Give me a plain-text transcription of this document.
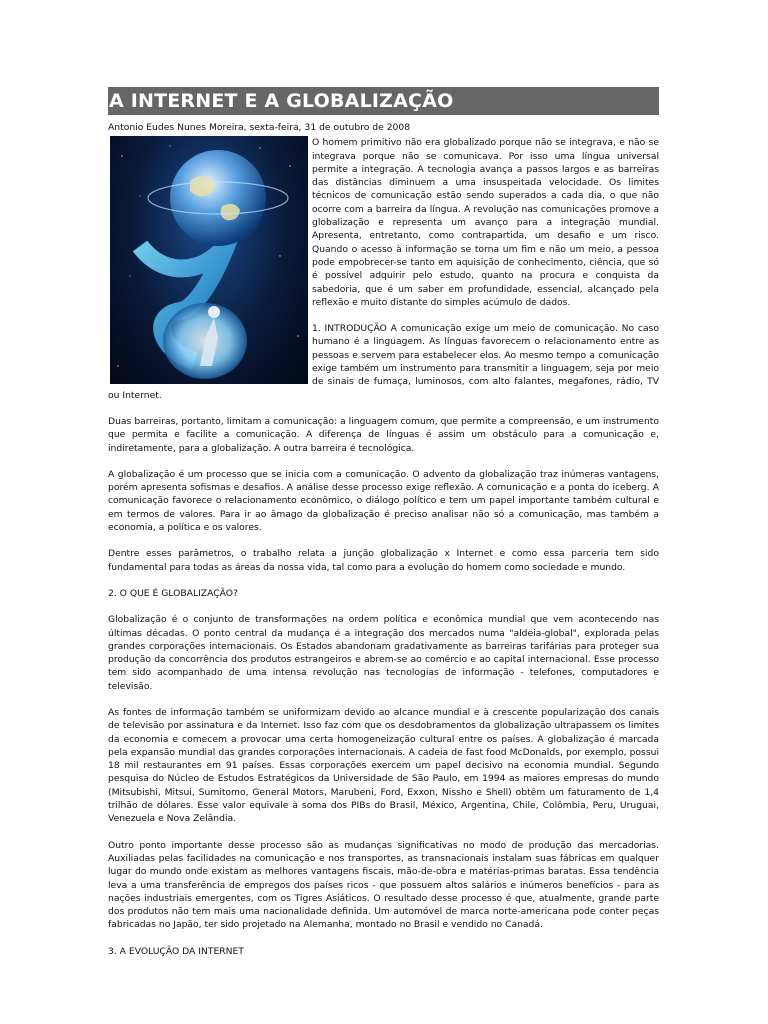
A INTERNET E A GLOBALIZAÇÃO
Antonio Eudes Nunes Moreira, sexta-feira, 31 de outubro de 2008

O homem primitivo não era globalizado porque não se integrava, e não se integrava porque não se comunicava. Por isso uma língua universal permite a integração. A tecnologia avança a passos largos e as barreiras das distâncias diminuem a uma insuspeitada velocidade. Os limites técnicos de comunicação estão sendo superados a cada dia, o que não ocorre com a barreira da língua. A revolução nas comunicações promove a globalização e representa um avanço para a integração mundial. Apresenta, entretanto, como contrapartida, um desafio e um risco. Quando o acesso à informação se torna um fim e não um meio, a pessoa pode empobrecer-se tanto em aquisição de conhecimento, ciência, que só é possível adquirir pelo estudo, quanto na procura e conquista da sabedoria, que é um saber em profundidade, essencial, alcançado pela reflexão e muito distante do simples acúmulo de dados.

1. INTRODUÇÃO A comunicação exige um meio de comunicação. No caso humano é a linguagem. As línguas favorecem o relacionamento entre as pessoas e servem para estabelecer elos. Ao mesmo tempo a comunicação exige também um instrumento para transmitir a linguagem, seja por meio de sinais de fumaça, luminosos, com alto falantes, megafones, rádio, TV ou Internet.

Duas barreiras, portanto, limitam a comunicação: a linguagem comum, que permite a compreensão, e um instrumento que permita e facilite a comunicação. A diferença de línguas é assim um obstáculo para a comunicação e, indiretamente, para a globalização. A outra barreira é tecnológica.

A globalização é um processo que se inicia com a comunicação. O advento da globalização traz inúmeras vantagens, porém apresenta sofismas e desafios. A análise desse processo exige reflexão. A comunicação e a ponta do iceberg. A comunicação favorece o relacionamento econômico, o diálogo político e tem um papel importante também cultural e em termos de valores. Para ir ao âmago da globalização é preciso analisar não só a comunicação, mas também a economia, a política e os valores.

Dentre esses parâmetros, o trabalho relata a junção globalização x Internet e como essa parceria tem sido fundamental para todas as áreas da nossa vida, tal como para a evolução do homem como sociedade e mundo.

2. O QUE É GLOBALIZAÇÃO?

Globalização é o conjunto de transformações na ordem política e econômica mundial que vem acontecendo nas últimas décadas. O ponto central da mudança é a integração dos mercados numa "aldeia-global", explorada pelas grandes corporações internacionais. Os Estados abandonam gradativamente as barreiras tarifárias para proteger sua produção da concorrência dos produtos estrangeiros e abrem-se ao comércio e ao capital internacional. Esse processo tem sido acompanhado de uma intensa revolução nas tecnologias de informação - telefones, computadores e televisão.

As fontes de informação também se uniformizam devido ao alcance mundial e à crescente popularização dos canais de televisão por assinatura e da Internet. Isso faz com que os desdobramentos da globalização ultrapassem os limites da economia e comecem a provocar uma certa homogeneização cultural entre os países. A globalização é marcada pela expansão mundial das grandes corporações internacionais. A cadeia de fast food McDonalds, por exemplo, possui 18 mil restaurantes em 91 países. Essas corporações exercem um papel decisivo na economia mundial. Segundo pesquisa do Núcleo de Estudos Estratégicos da Universidade de São Paulo, em 1994 as maiores empresas do mundo (Mitsubishi, Mitsui, Sumitomo, General Motors, Marubeni, Ford, Exxon, Nissho e Shell) obtêm um faturamento de 1,4 trilhão de dólares. Esse valor equivale à soma dos PIBs do Brasil, México, Argentina, Chile, Colômbia, Peru, Uruguai, Venezuela e Nova Zelândia.

Outro ponto importante desse processo são as mudanças significativas no modo de produção das mercadorias. Auxiliadas pelas facilidades na comunicação e nos transportes, as transnacionais instalam suas fábricas em qualquer lugar do mundo onde existam as melhores vantagens fiscais, mão-de-obra e matérias-primas baratas. Essa tendência leva a uma transferência de empregos dos países ricos - que possuem altos salários e inúmeros benefícios - para as nações industriais emergentes, com os Tigres Asiáticos. O resultado desse processo é que, atualmente, grande parte dos produtos não tem mais uma nacionalidade definida. Um automóvel de marca norte-americana pode conter peças fabricadas no Japão, ter sido projetado na Alemanha, montado no Brasil e vendido no Canadá.

3. A EVOLUÇÃO DA INTERNET
